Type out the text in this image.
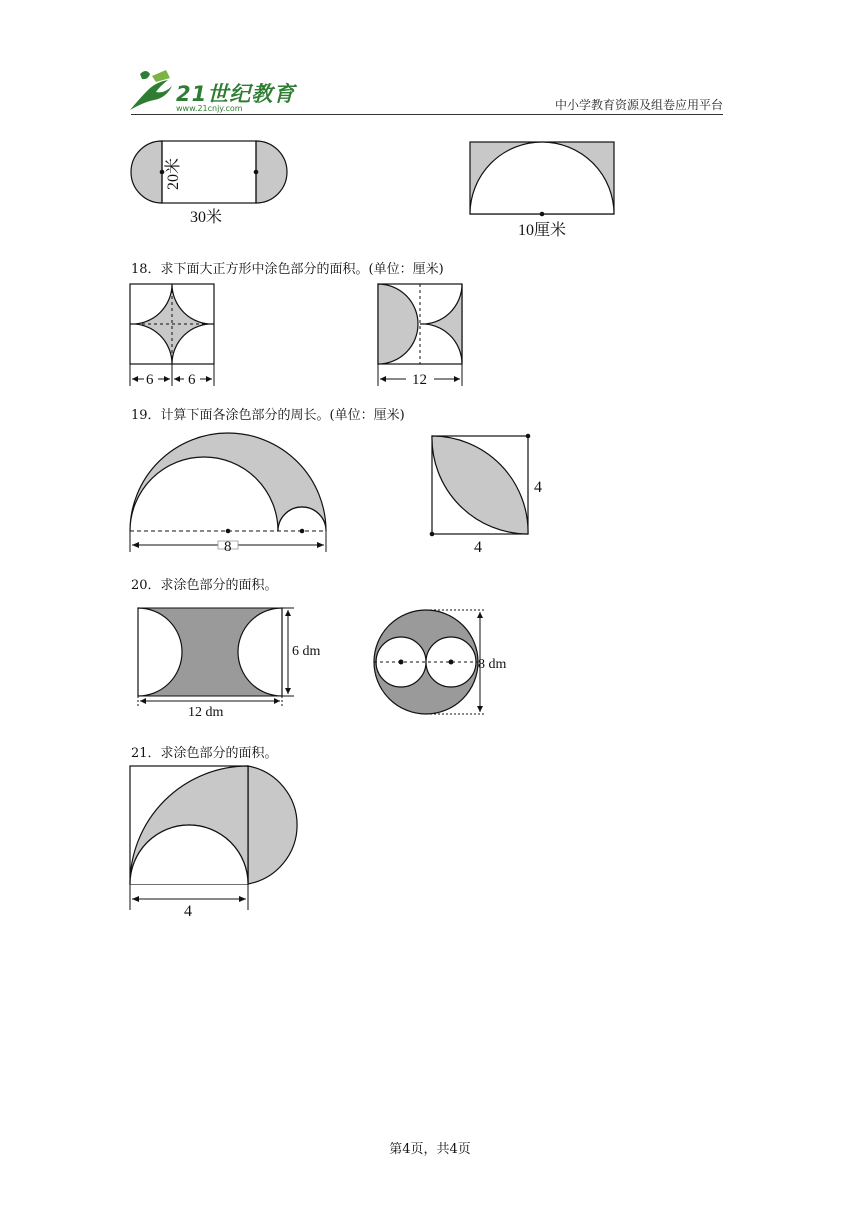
21世纪教育
www.21cnjy.com	中小学教育资源及组卷应用平台
20米
30米
10厘米
18．求下面大正方形中涂色部分的面积。(单位：厘米)
6 6	12
19．计算下面各涂色部分的周长。(单位：厘米)
8
4
4
20．求涂色部分的面积。
6 dm
12 dm
8 dm
21．求涂色部分的面积。
4
第4页，共4页
